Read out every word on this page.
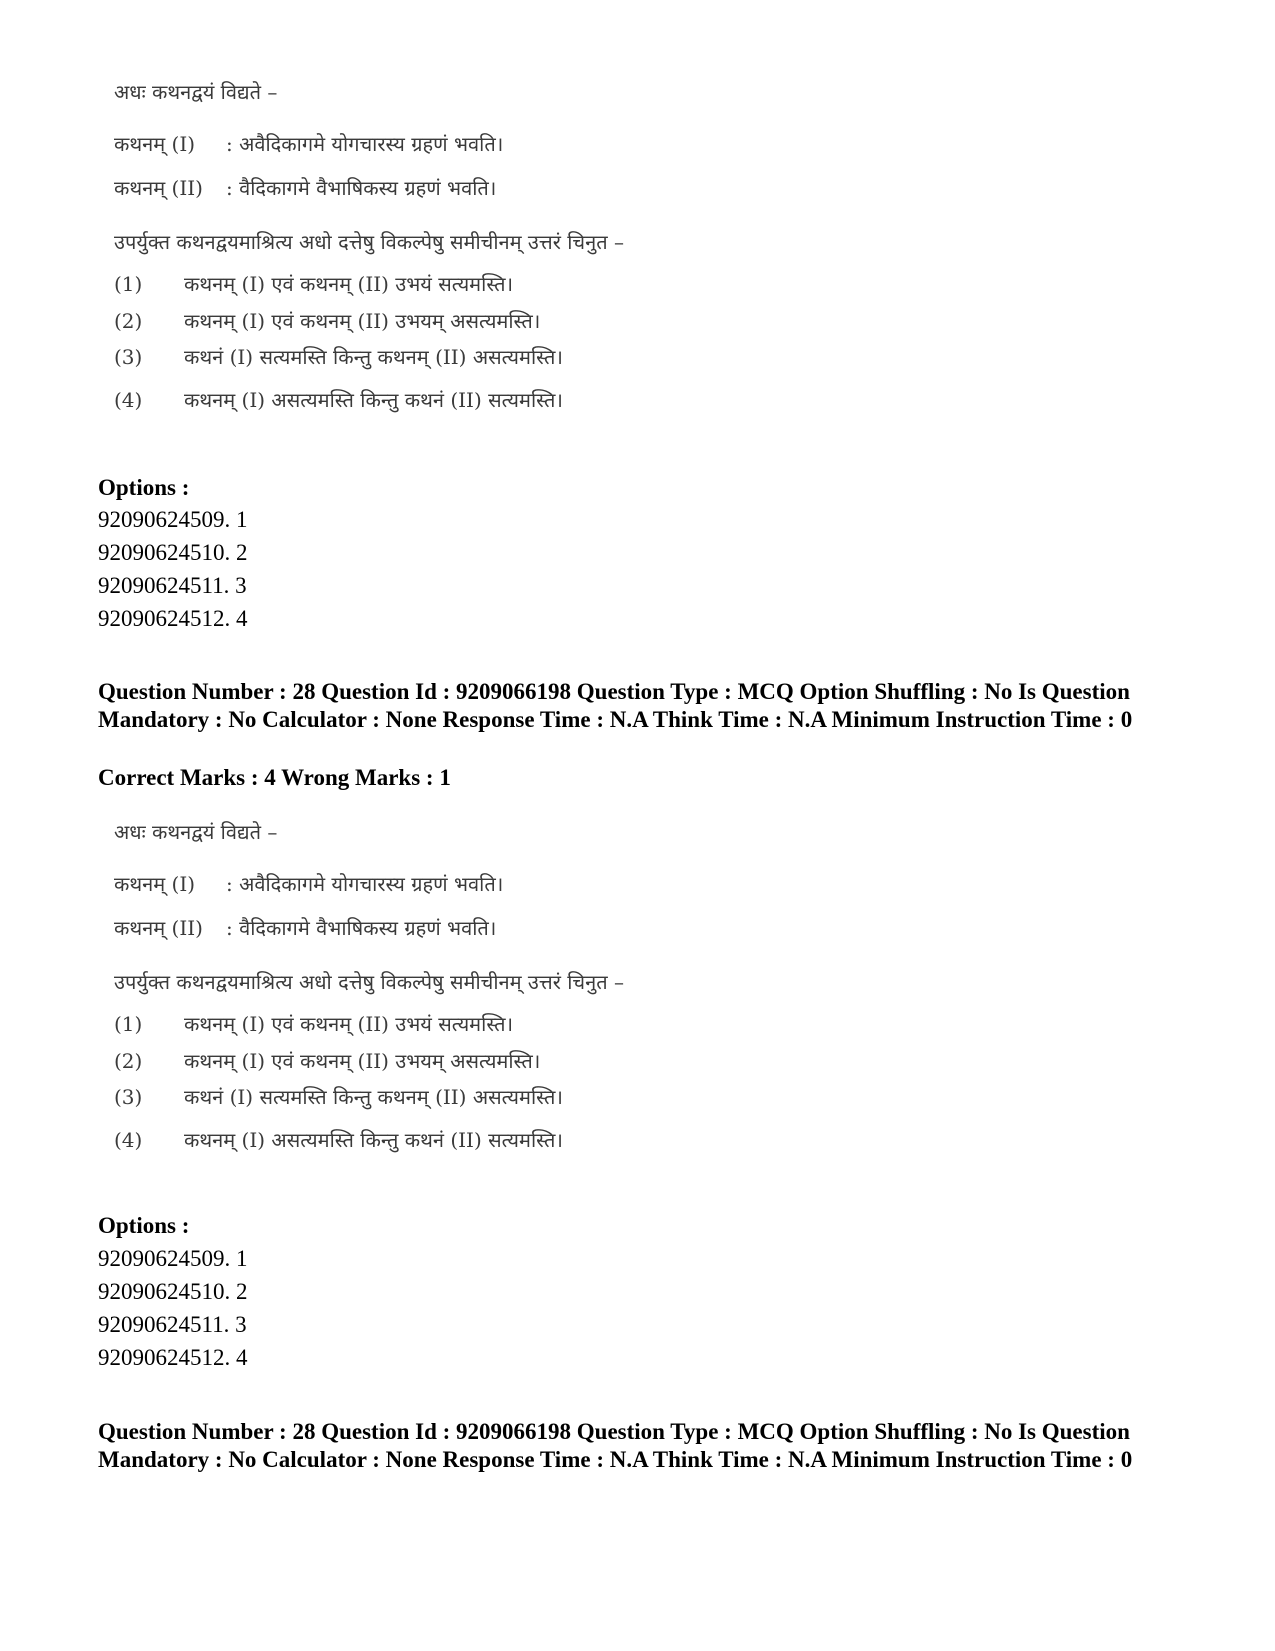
अधः कथनद्वयं विद्यते –
कथनम् (I) : अवैदिकागमे योगचारस्य ग्रहणं भवति।
कथनम् (II) : वैदिकागमे वैभाषिकस्य ग्रहणं भवति।
उपर्युक्त कथनद्वयमाश्रित्य अधो दत्तेषु विकल्पेषु समीचीनम् उत्तरं चिनुत –
(1) कथनम् (I) एवं कथनम् (II) उभयं सत्यमस्ति।
(2) कथनम् (I) एवं कथनम् (II) उभयम् असत्यमस्ति।
(3) कथनं (I) सत्यमस्ति किन्तु कथनम् (II) असत्यमस्ति।
(4) कथनम् (I) असत्यमस्ति किन्तु कथनं (II) सत्यमस्ति।
Options :
92090624509. 1
92090624510. 2
92090624511. 3
92090624512. 4
Question Number : 28 Question Id : 9209066198 Question Type : MCQ Option Shuffling : No Is Question Mandatory : No Calculator : None Response Time : N.A Think Time : N.A Minimum Instruction Time : 0
Correct Marks : 4 Wrong Marks : 1
अधः कथनद्वयं विद्यते –
कथनम् (I) : अवैदिकागमे योगचारस्य ग्रहणं भवति।
कथनम् (II) : वैदिकागमे वैभाषिकस्य ग्रहणं भवति।
उपर्युक्त कथनद्वयमाश्रित्य अधो दत्तेषु विकल्पेषु समीचीनम् उत्तरं चिनुत –
(1) कथनम् (I) एवं कथनम् (II) उभयं सत्यमस्ति।
(2) कथनम् (I) एवं कथनम् (II) उभयम् असत्यमस्ति।
(3) कथनं (I) सत्यमस्ति किन्तु कथनम् (II) असत्यमस्ति।
(4) कथनम् (I) असत्यमस्ति किन्तु कथनं (II) सत्यमस्ति।
Options :
92090624509. 1
92090624510. 2
92090624511. 3
92090624512. 4
Question Number : 28 Question Id : 9209066198 Question Type : MCQ Option Shuffling : No Is Question Mandatory : No Calculator : None Response Time : N.A Think Time : N.A Minimum Instruction Time : 0
